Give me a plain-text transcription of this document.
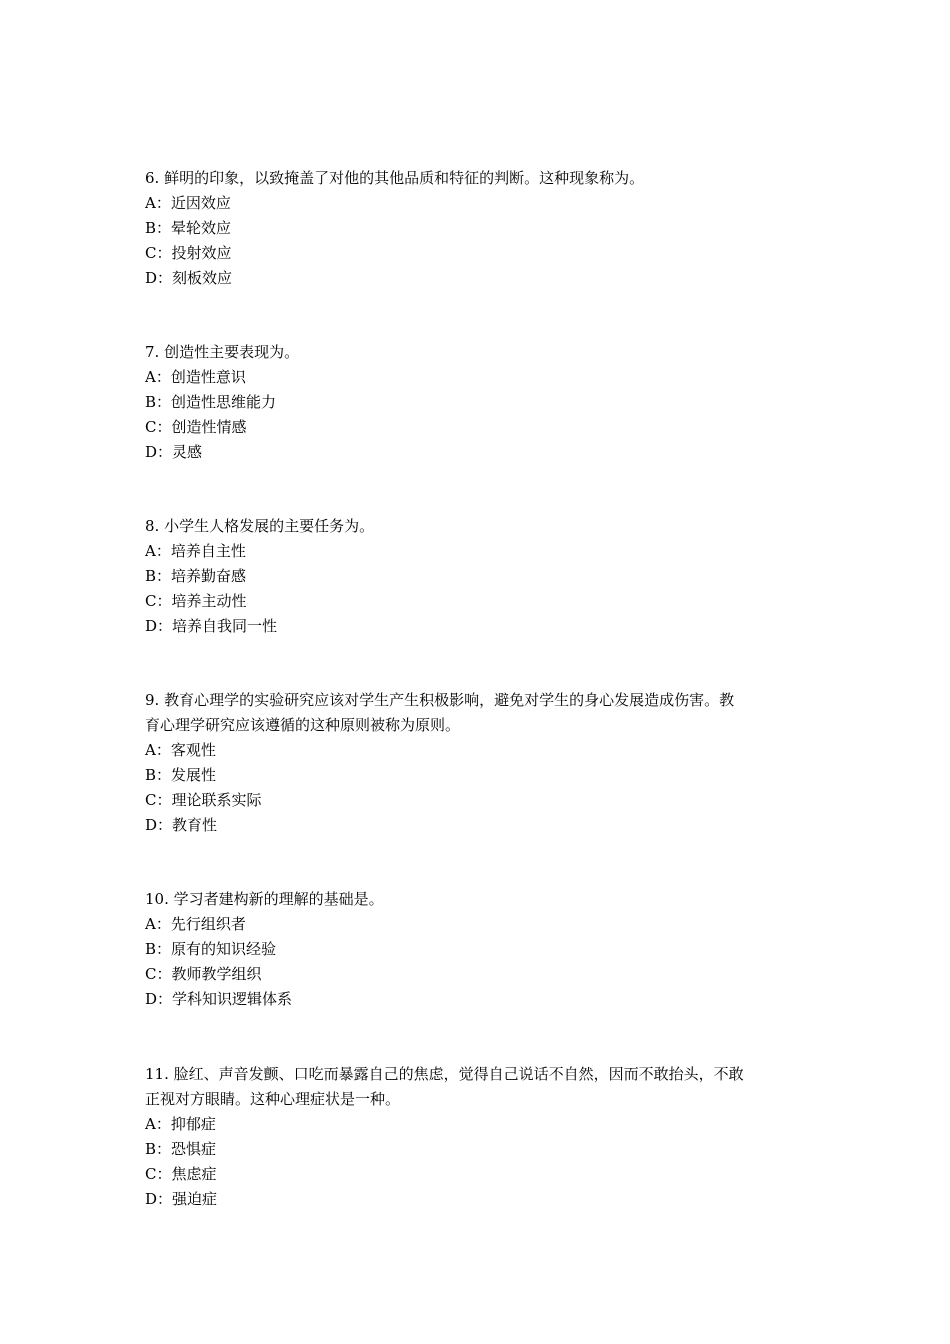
6. 鲜明的印象，以致掩盖了对他的其他品质和特征的判断。这种现象称为。
A：近因效应
B：晕轮效应
C：投射效应
D：刻板效应
7. 创造性主要表现为。
A：创造性意识
B：创造性思维能力
C：创造性情感
D：灵感
8. 小学生人格发展的主要任务为。
A：培养自主性
B：培养勤奋感
C：培养主动性
D：培养自我同一性
9. 教育心理学的实验研究应该对学生产生积极影响，避免对学生的身心发展造成伤害。教
育心理学研究应该遵循的这种原则被称为原则。
A：客观性
B：发展性
C：理论联系实际
D：教育性
10. 学习者建构新的理解的基础是。
A：先行组织者
B：原有的知识经验
C：教师教学组织
D：学科知识逻辑体系
11. 脸红、声音发颤、口吃而暴露自己的焦虑，觉得自己说话不自然，因而不敢抬头，不敢
正视对方眼睛。这种心理症状是一种。
A：抑郁症
B：恐惧症
C：焦虑症
D：强迫症
